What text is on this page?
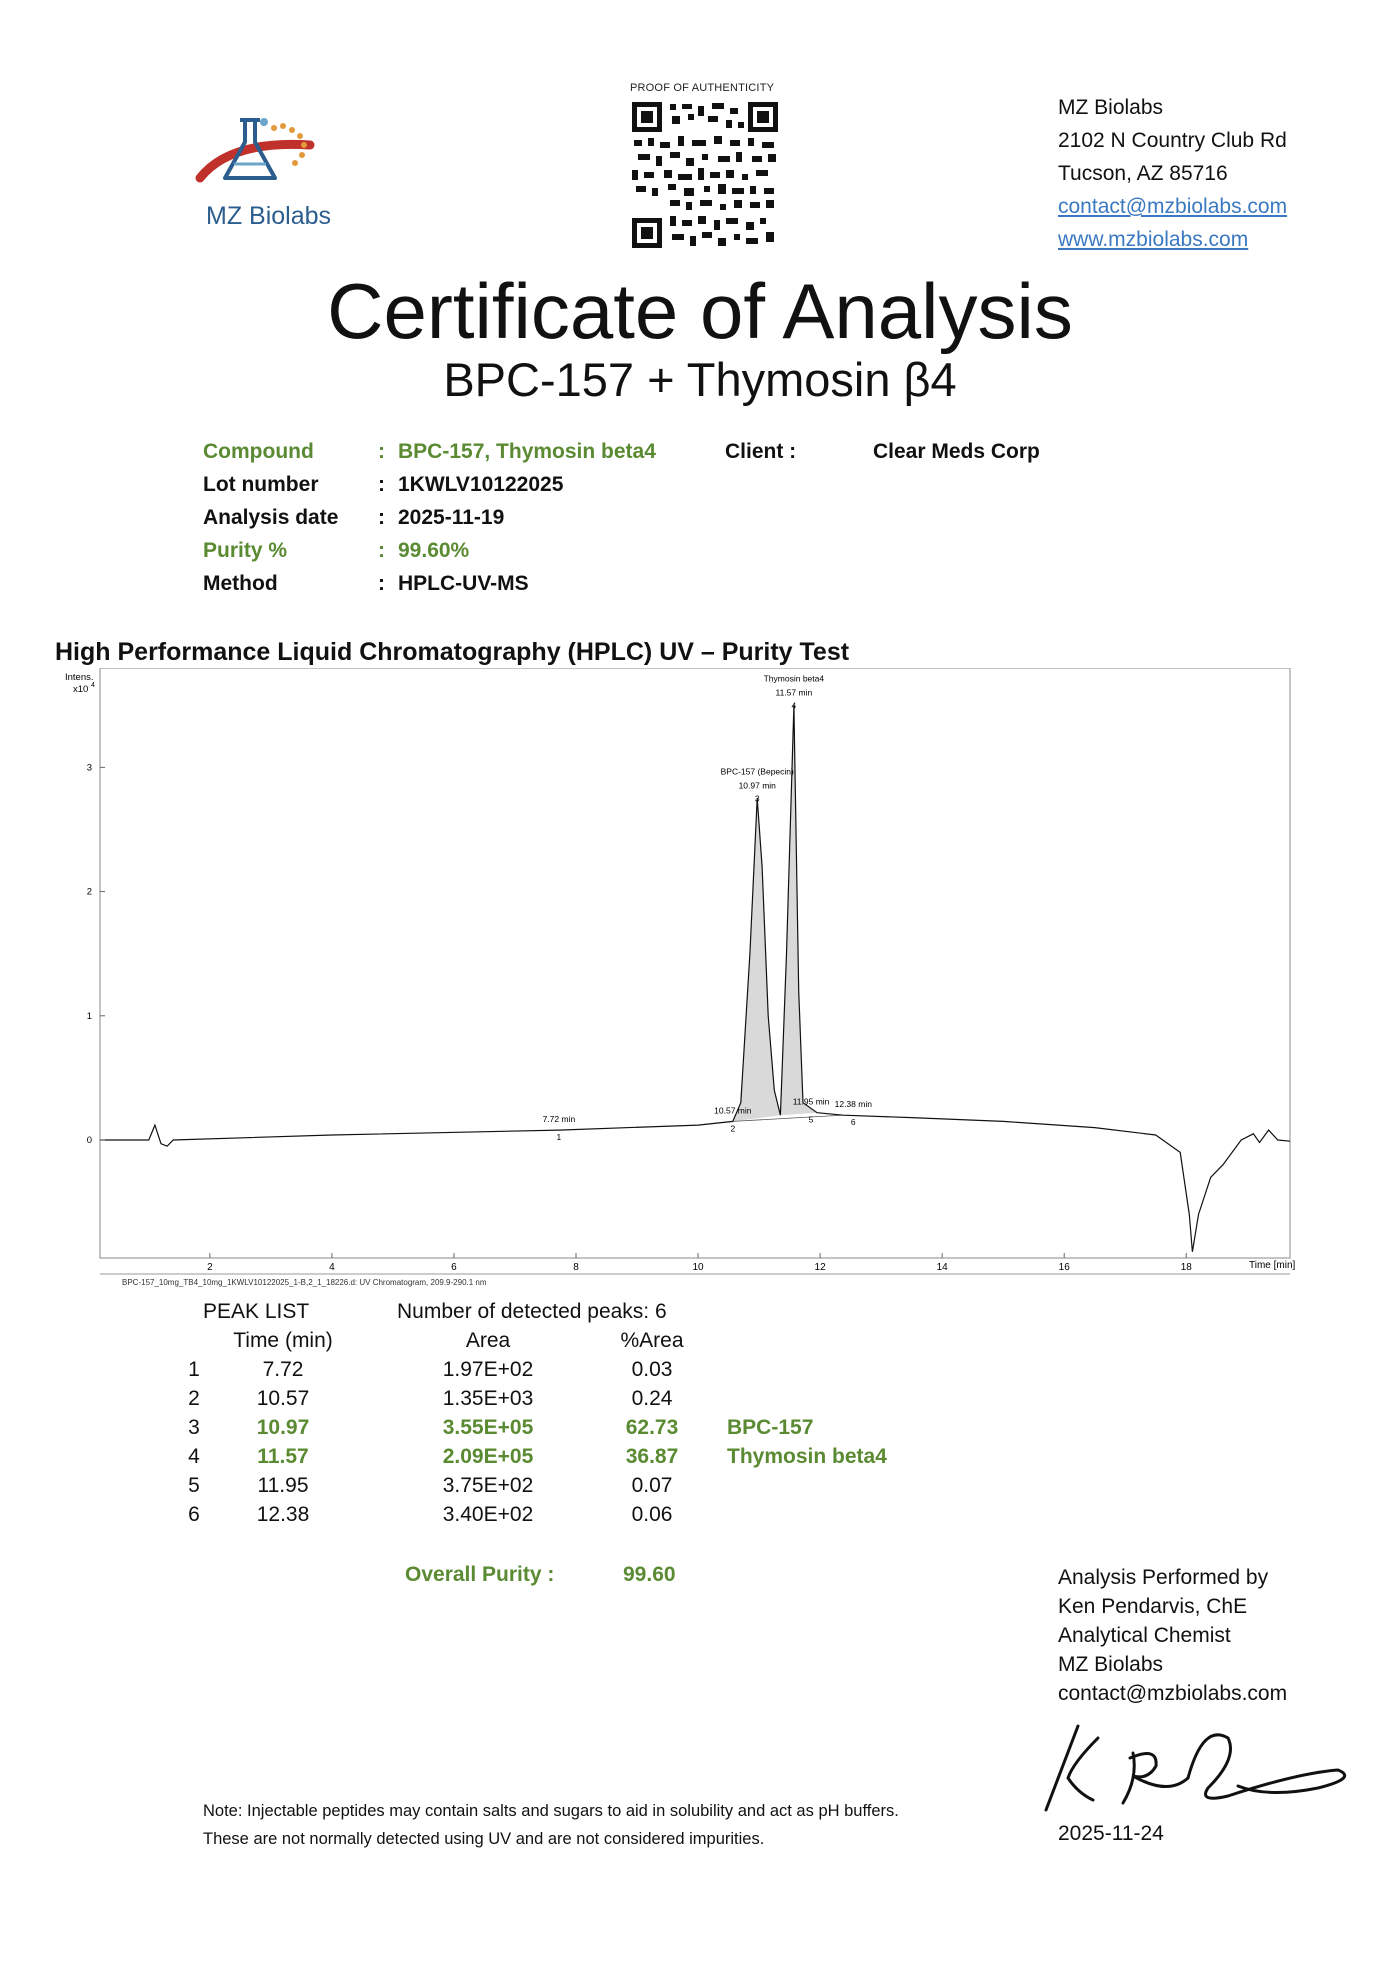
MZ Biolabs
PROOF OF AUTHENTICITY
MZ Biolabs
2102 N Country Club Rd
Tucson, AZ 85716
contact@mzbiolabs.com
www.mzbiolabs.com
Certificate of Analysis
BPC-157 + Thymosin β4
Compound	: BPC-157, Thymosin beta4
Lot number	: 1KWLV10122025
Analysis date : 2025-11-19
Purity %	: 99.60%
Method	: HPLC-UV-MS
Client :	Clear Meds Corp
High Performance Liquid Chromatography (HPLC) UV – Purity Test
Intens.
x10 4
Time [min]
BPC-157_10mg_TB4_10mg_1KWLV10122025_1-B,2_1_18226.d: UV Chromatogram, 209.9-290.1 nm
2	4	6	8	10	12	14	16	18
0
1
2
3
7.72 min
1
10.57 min
2
BPC-157 (Bepecin)
10.97 min
3
Thymosin beta4
11.57 min
4
11.95 min
5
12.38 min
6
PEAK LIST	Number of detected peaks: 6
Time (min)	Area	%Area
1	7.72	1.97E+02	0.03
2	10.57	1.35E+03	0.24
3	10.97	3.55E+05	62.73 BPC-157
4	11.57	2.09E+05	36.87 Thymosin beta4
5	11.95	3.75E+02	0.07
6	12.38	3.40E+02	0.06
Overall Purity :	99.60	Analysis Performed by
Ken Pendarvis, ChE
Analytical Chemist
MZ Biolabs
contact@mzbiolabs.com
2025-11-24
Note: Injectable peptides may contain salts and sugars to aid in solubility and act as pH buffers.
These are not normally detected using UV and are not considered impurities.
